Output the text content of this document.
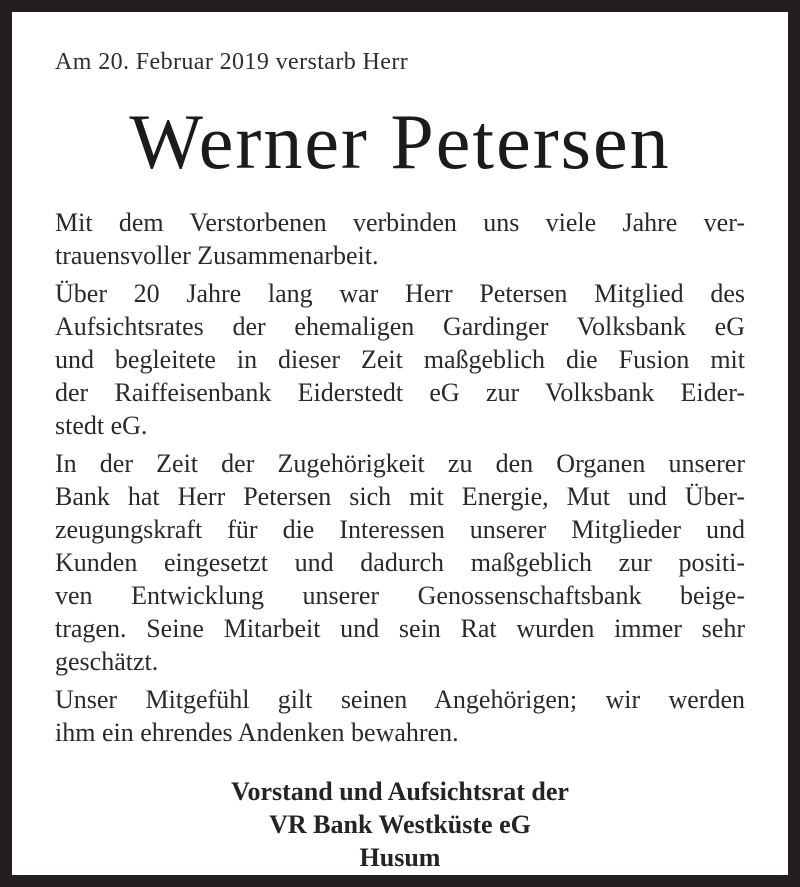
Am 20. Februar 2019 verstarb Herr
Werner Petersen
Mit dem Verstorbenen verbinden uns viele Jahre ver-
trauensvoller Zusammenarbeit.
Über 20 Jahre lang war Herr Petersen Mitglied des
Aufsichtsrates der ehemaligen Gardinger Volksbank eG
und begleitete in dieser Zeit maßgeblich die Fusion mit
der Raiffeisenbank Eiderstedt eG zur Volksbank Eider-
stedt eG.
In der Zeit der Zugehörigkeit zu den Organen unserer
Bank hat Herr Petersen sich mit Energie, Mut und Über-
zeugungskraft für die Interessen unserer Mitglieder und
Kunden eingesetzt und dadurch maßgeblich zur positi-
ven Entwicklung unserer Genossenschaftsbank beige-
tragen. Seine Mitarbeit und sein Rat wurden immer sehr
geschätzt.
Unser Mitgefühl gilt seinen Angehörigen; wir werden
ihm ein ehrendes Andenken bewahren.
Vorstand und Aufsichtsrat der
VR Bank Westküste eG
Husum
